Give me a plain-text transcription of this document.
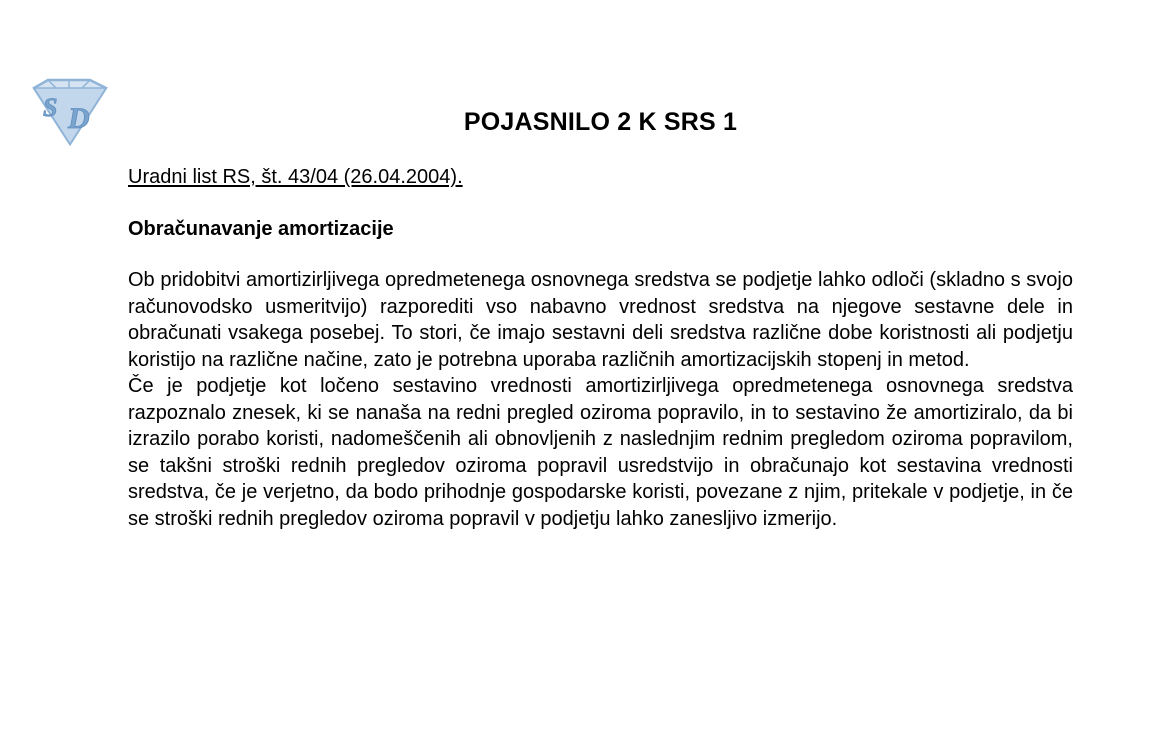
S D	POJASNILO 2 K SRS 1
Uradni list RS, št. 43/04 (26.04.2004).
Obračunavanje amortizacije

Ob pridobitvi amortizirljivega opredmetenega osnovnega sredstva se podjetje lahko odloči (skladno s svojo računovodsko usmeritvijo) razporediti vso nabavno vrednost sredstva na njegove sestavne dele in obračunati vsakega posebej. To stori, če imajo sestavni deli sredstva različne dobe koristnosti ali podjetju koristijo na različne načine, zato je potrebna uporaba različnih amortizacijskih stopenj in metod.

Če je podjetje kot ločeno sestavino vrednosti amortizirljivega opredmetenega osnovnega sredstva razpoznalo znesek, ki se nanaša na redni pregled oziroma popravilo, in to sestavino že amortiziralo, da bi izrazilo porabo koristi, nadomeščenih ali obnovljenih z naslednjim rednim pregledom oziroma popravilom, se takšni stroški rednih pregledov oziroma popravil usredstvijo in obračunajo kot sestavina vrednosti sredstva, če je verjetno, da bodo prihodnje gospodarske koristi, povezane z njim, pritekale v podjetje, in če se stroški rednih pregledov oziroma popravil v podjetju lahko zanesljivo izmerijo.
